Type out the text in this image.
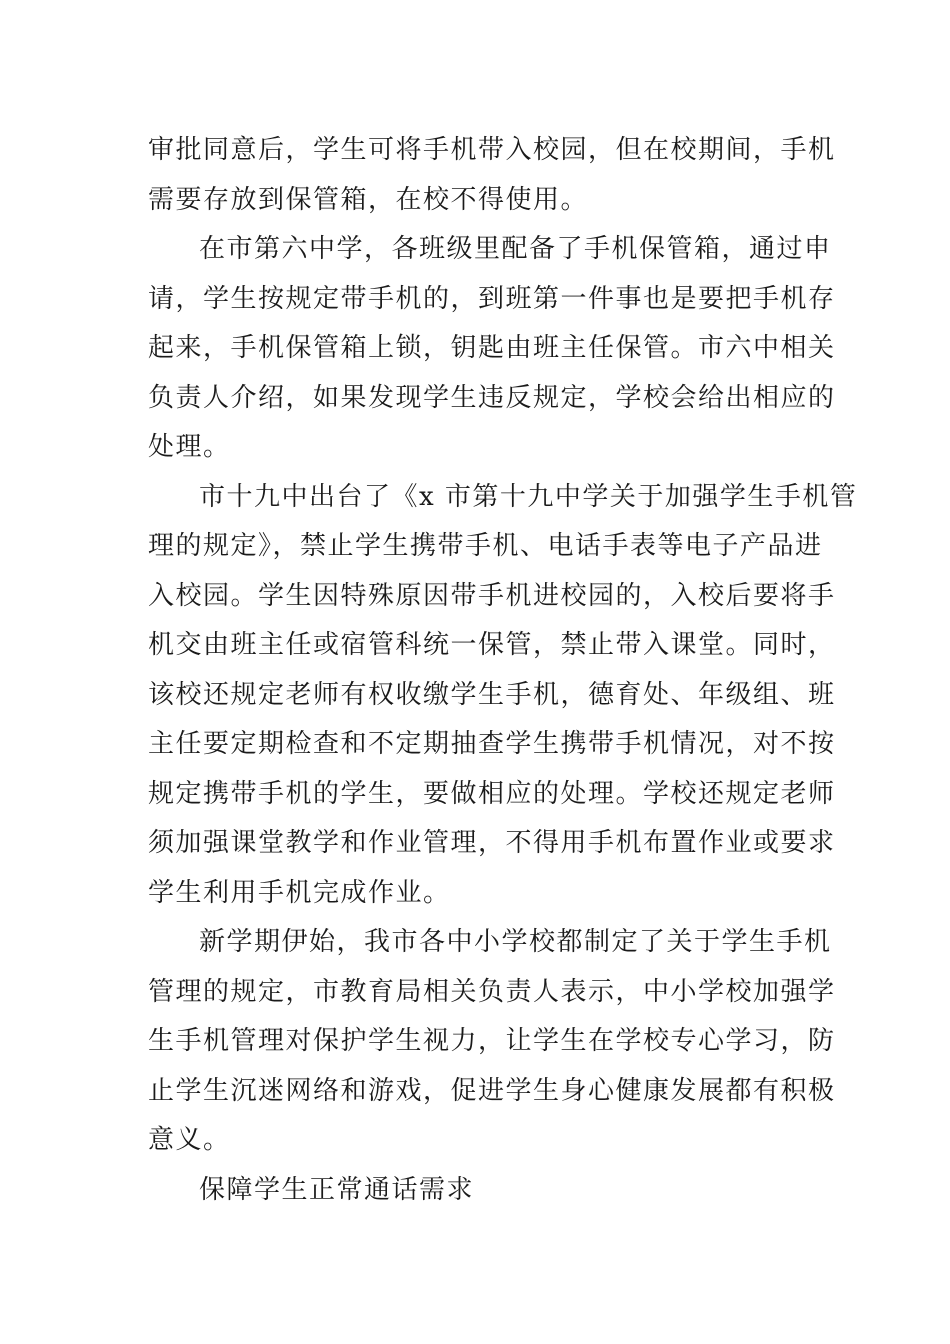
审批同意后，学生可将手机带入校园，但在校期间，手机
需要存放到保管箱，在校不得使用。
在市第六中学，各班级里配备了手机保管箱，通过申
请，学生按规定带手机的，到班第一件事也是要把手机存
起来，手机保管箱上锁，钥匙由班主任保管。市六中相关
负责人介绍，如果发现学生违反规定，学校会给出相应的
处理。
市十九中出台了《x 市第十九中学关于加强学生手机管
理的规定》，禁止学生携带手机、电话手表等电子产品进
入校园。学生因特殊原因带手机进校园的，入校后要将手
机交由班主任或宿管科统一保管，禁止带入课堂。同时，
该校还规定老师有权收缴学生手机，德育处、年级组、班
主任要定期检查和不定期抽查学生携带手机情况，对不按
规定携带手机的学生，要做相应的处理。学校还规定老师
须加强课堂教学和作业管理，不得用手机布置作业或要求
学生利用手机完成作业。
新学期伊始，我市各中小学校都制定了关于学生手机
管理的规定，市教育局相关负责人表示，中小学校加强学
生手机管理对保护学生视力，让学生在学校专心学习，防
止学生沉迷网络和游戏，促进学生身心健康发展都有积极
意义。
保障学生正常通话需求
